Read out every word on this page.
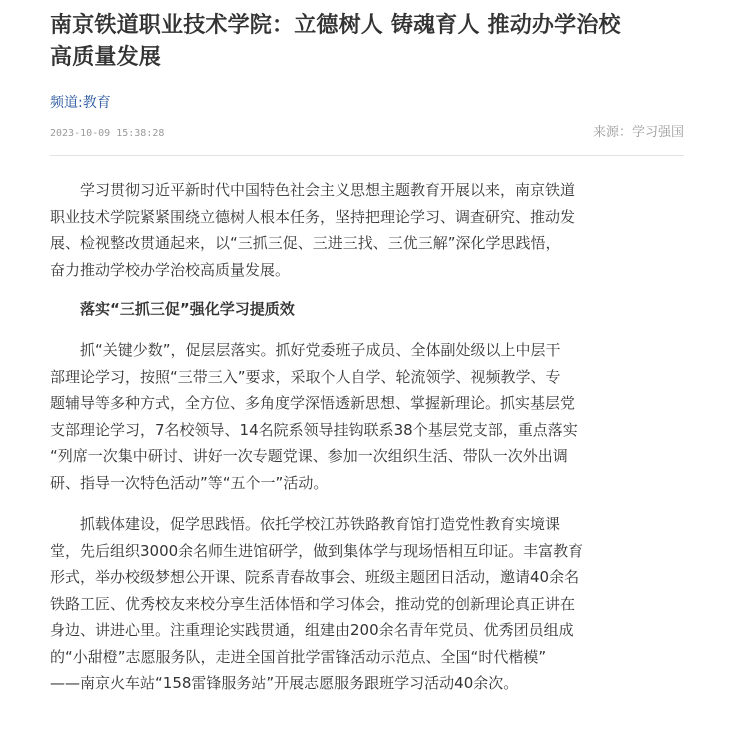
南京铁道职业技术学院：立德树人 铸魂育人 推动办学治校
高质量发展
频道:教育
2023-10-09 15:38:28	来源：学习强国
学习贯彻习近平新时代中国特色社会主义思想主题教育开展以来，南京铁道
职业技术学院紧紧围绕立德树人根本任务，坚持把理论学习、调查研究、推动发
展、检视整改贯通起来，以“三抓三促、三进三找、三优三解”深化学思践悟，
奋力推动学校办学治校高质量发展。
落实“三抓三促”强化学习提质效
抓“关键少数”，促层层落实。抓好党委班子成员、全体副处级以上中层干
部理论学习，按照“三带三入”要求，采取个人自学、轮流领学、视频教学、专
题辅导等多种方式，全方位、多角度学深悟透新思想、掌握新理论。抓实基层党
支部理论学习，7名校领导、14名院系领导挂钩联系38个基层党支部，重点落实
“列席一次集中研讨、讲好一次专题党课、参加一次组织生活、带队一次外出调
研、指导一次特色活动”等“五个一”活动。
抓载体建设，促学思践悟。依托学校江苏铁路教育馆打造党性教育实境课
堂，先后组织3000余名师生进馆研学，做到集体学与现场悟相互印证。丰富教育
形式，举办校级梦想公开课、院系青春故事会、班级主题团日活动，邀请40余名
铁路工匠、优秀校友来校分享生活体悟和学习体会，推动党的创新理论真正讲在
身边、讲进心里。注重理论实践贯通，组建由200余名青年党员、优秀团员组成
的“小甜橙”志愿服务队，走进全国首批学雷锋活动示范点、全国“时代楷模”
——南京火车站“158雷锋服务站”开展志愿服务跟班学习活动40余次。
